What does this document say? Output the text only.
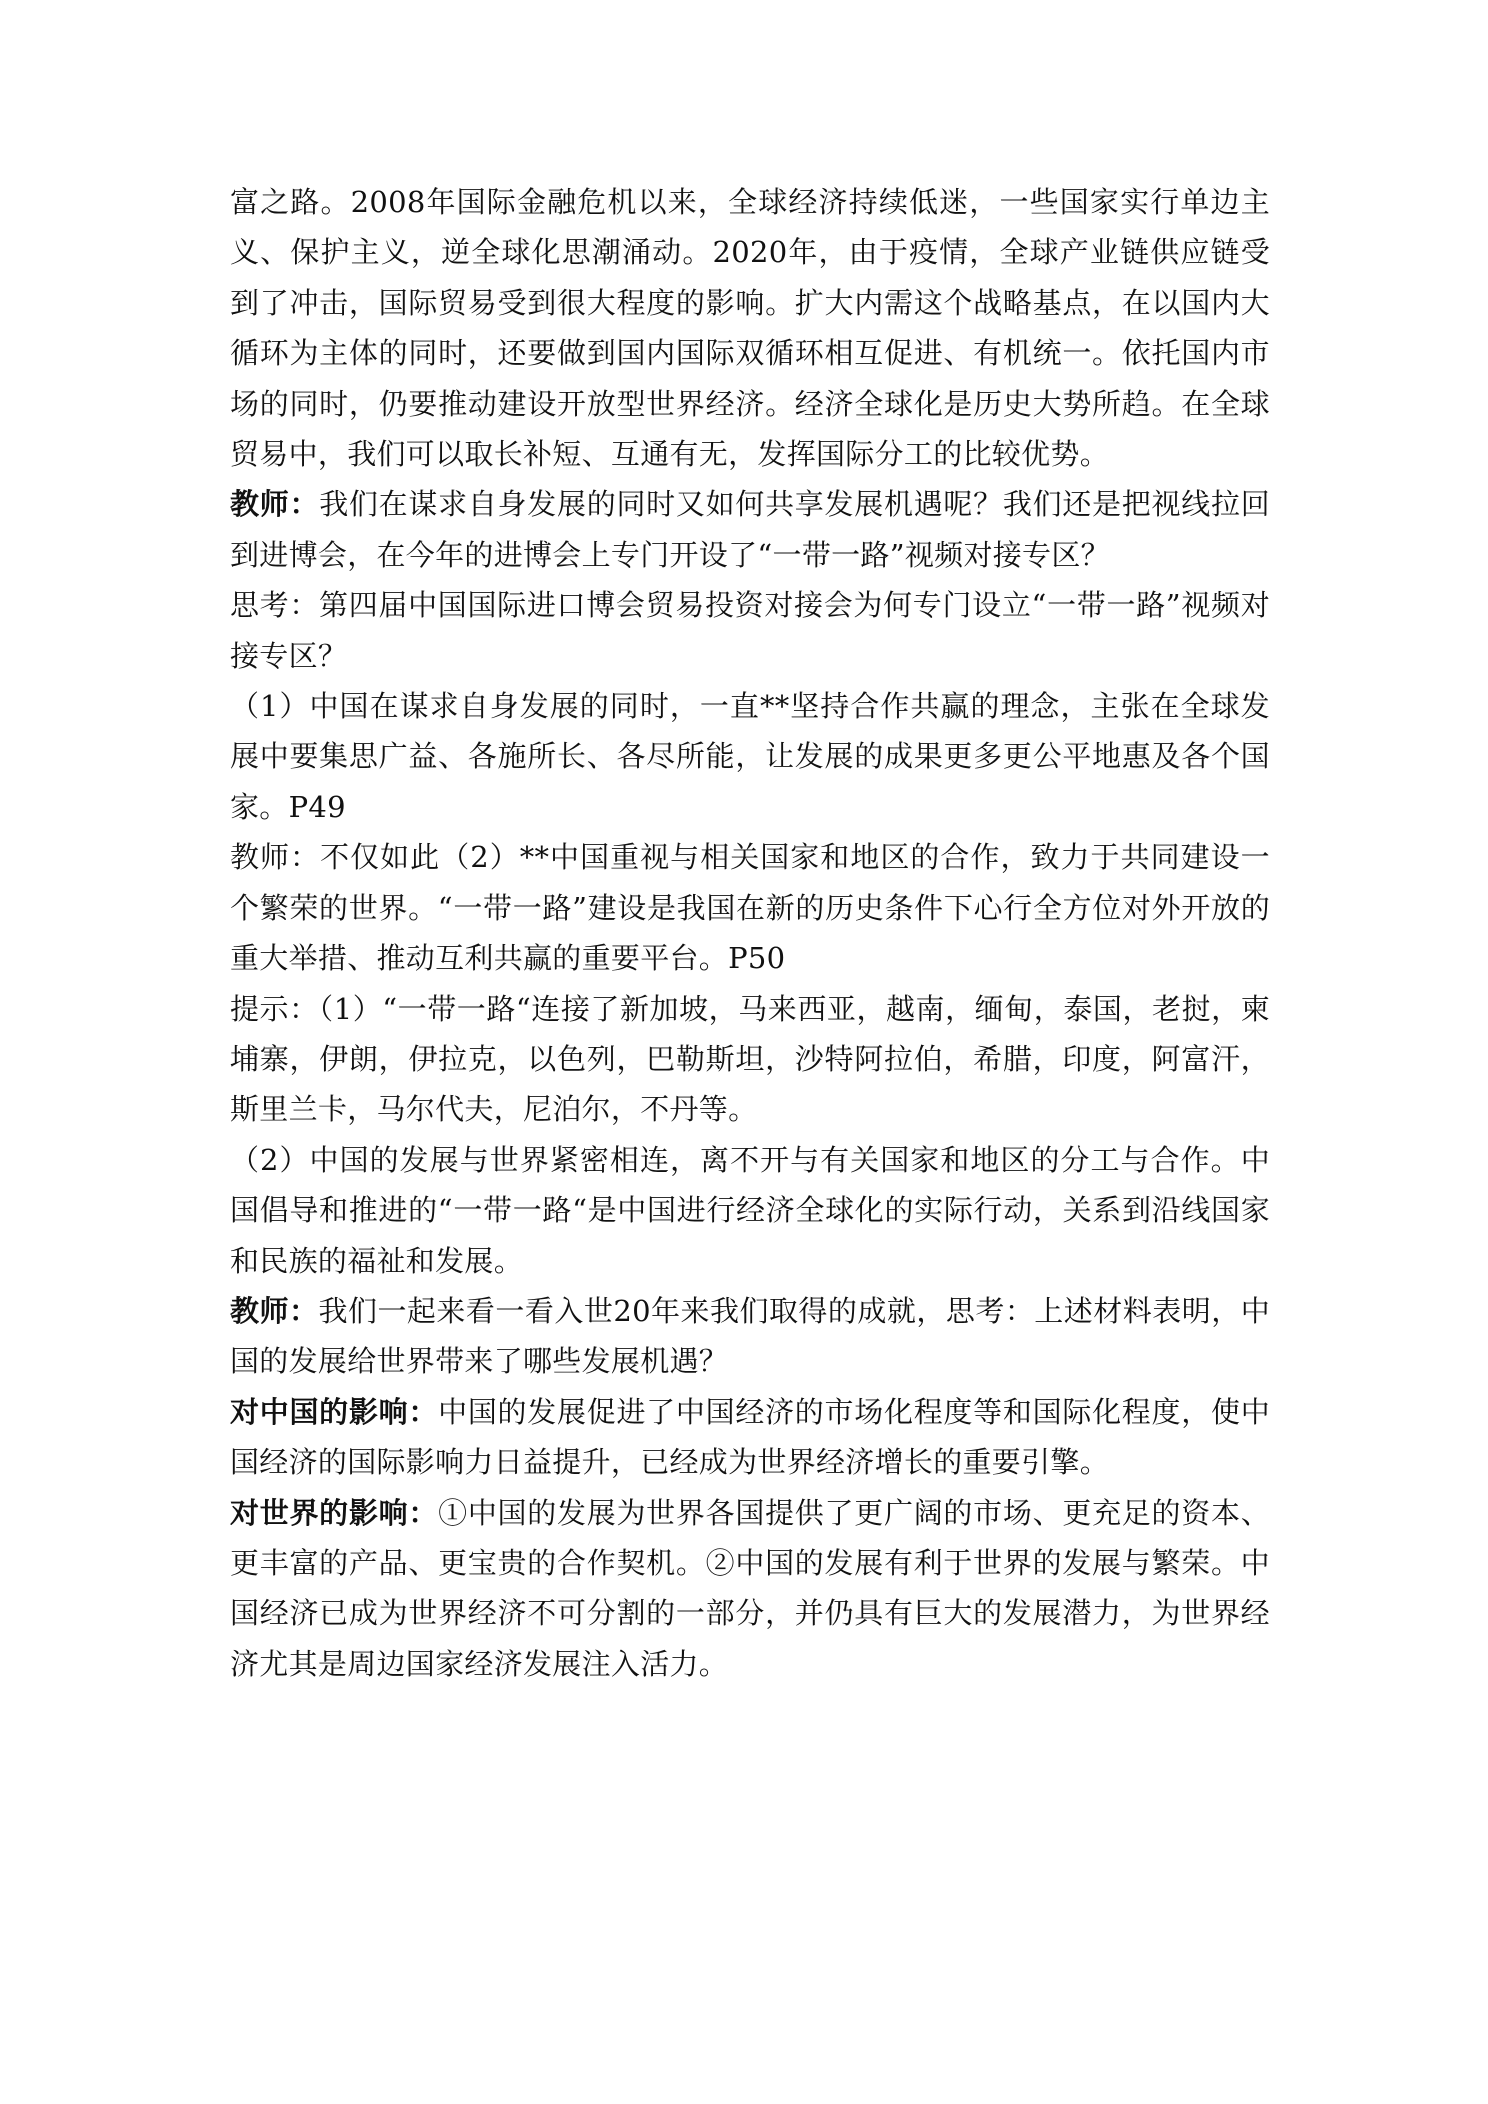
富之路。2008年国际金融危机以来，全球经济持续低迷，一些国家实行单边主义、保护主义，逆全球化思潮涌动。2020年，由于疫情，全球产业链供应链受到了冲击，国际贸易受到很大程度的影响。扩大内需这个战略基点，在以国内大循环为主体的同时，还要做到国内国际双循环相互促进、有机统一。依托国内市场的同时，仍要推动建设开放型世界经济。经济全球化是历史大势所趋。在全球贸易中，我们可以取长补短、互通有无，发挥国际分工的比较优势。

教师：我们在谋求自身发展的同时又如何共享发展机遇呢？我们还是把视线拉回到进博会，在今年的进博会上专门开设了“一带一路”视频对接专区？

思考：第四届中国国际进口博会贸易投资对接会为何专门设立“一带一路”视频对接专区？

（1）中国在谋求自身发展的同时，一直**坚持合作共赢的理念，主张在全球发展中要集思广益、各施所长、各尽所能，让发展的成果更多更公平地惠及各个国家。P49

教师：不仅如此（2）**中国重视与相关国家和地区的合作，致力于共同建设一个繁荣的世界。“一带一路”建设是我国在新的历史条件下心行全方位对外开放的重大举措、推动互利共赢的重要平台。P50

提示：（1）“一带一路“连接了新加坡，马来西亚，越南，缅甸，泰国，老挝，柬埔寨，伊朗，伊拉克，以色列，巴勒斯坦，沙特阿拉伯，希腊，印度，阿富汗，斯里兰卡，马尔代夫，尼泊尔，不丹等。

（2）中国的发展与世界紧密相连，离不开与有关国家和地区的分工与合作。中国倡导和推进的“一带一路“是中国进行经济全球化的实际行动，关系到沿线国家和民族的福祉和发展。

教师：我们一起来看一看入世20年来我们取得的成就，思考：上述材料表明，中国的发展给世界带来了哪些发展机遇？

对中国的影响：中国的发展促进了中国经济的市场化程度等和国际化程度，使中国经济的国际影响力日益提升，已经成为世界经济增长的重要引擎。

对世界的影响：①中国的发展为世界各国提供了更广阔的市场、更充足的资本、更丰富的产品、更宝贵的合作契机。②中国的发展有利于世界的发展与繁荣。中国经济已成为世界经济不可分割的一部分，并仍具有巨大的发展潜力，为世界经济尤其是周边国家经济发展注入活力。
